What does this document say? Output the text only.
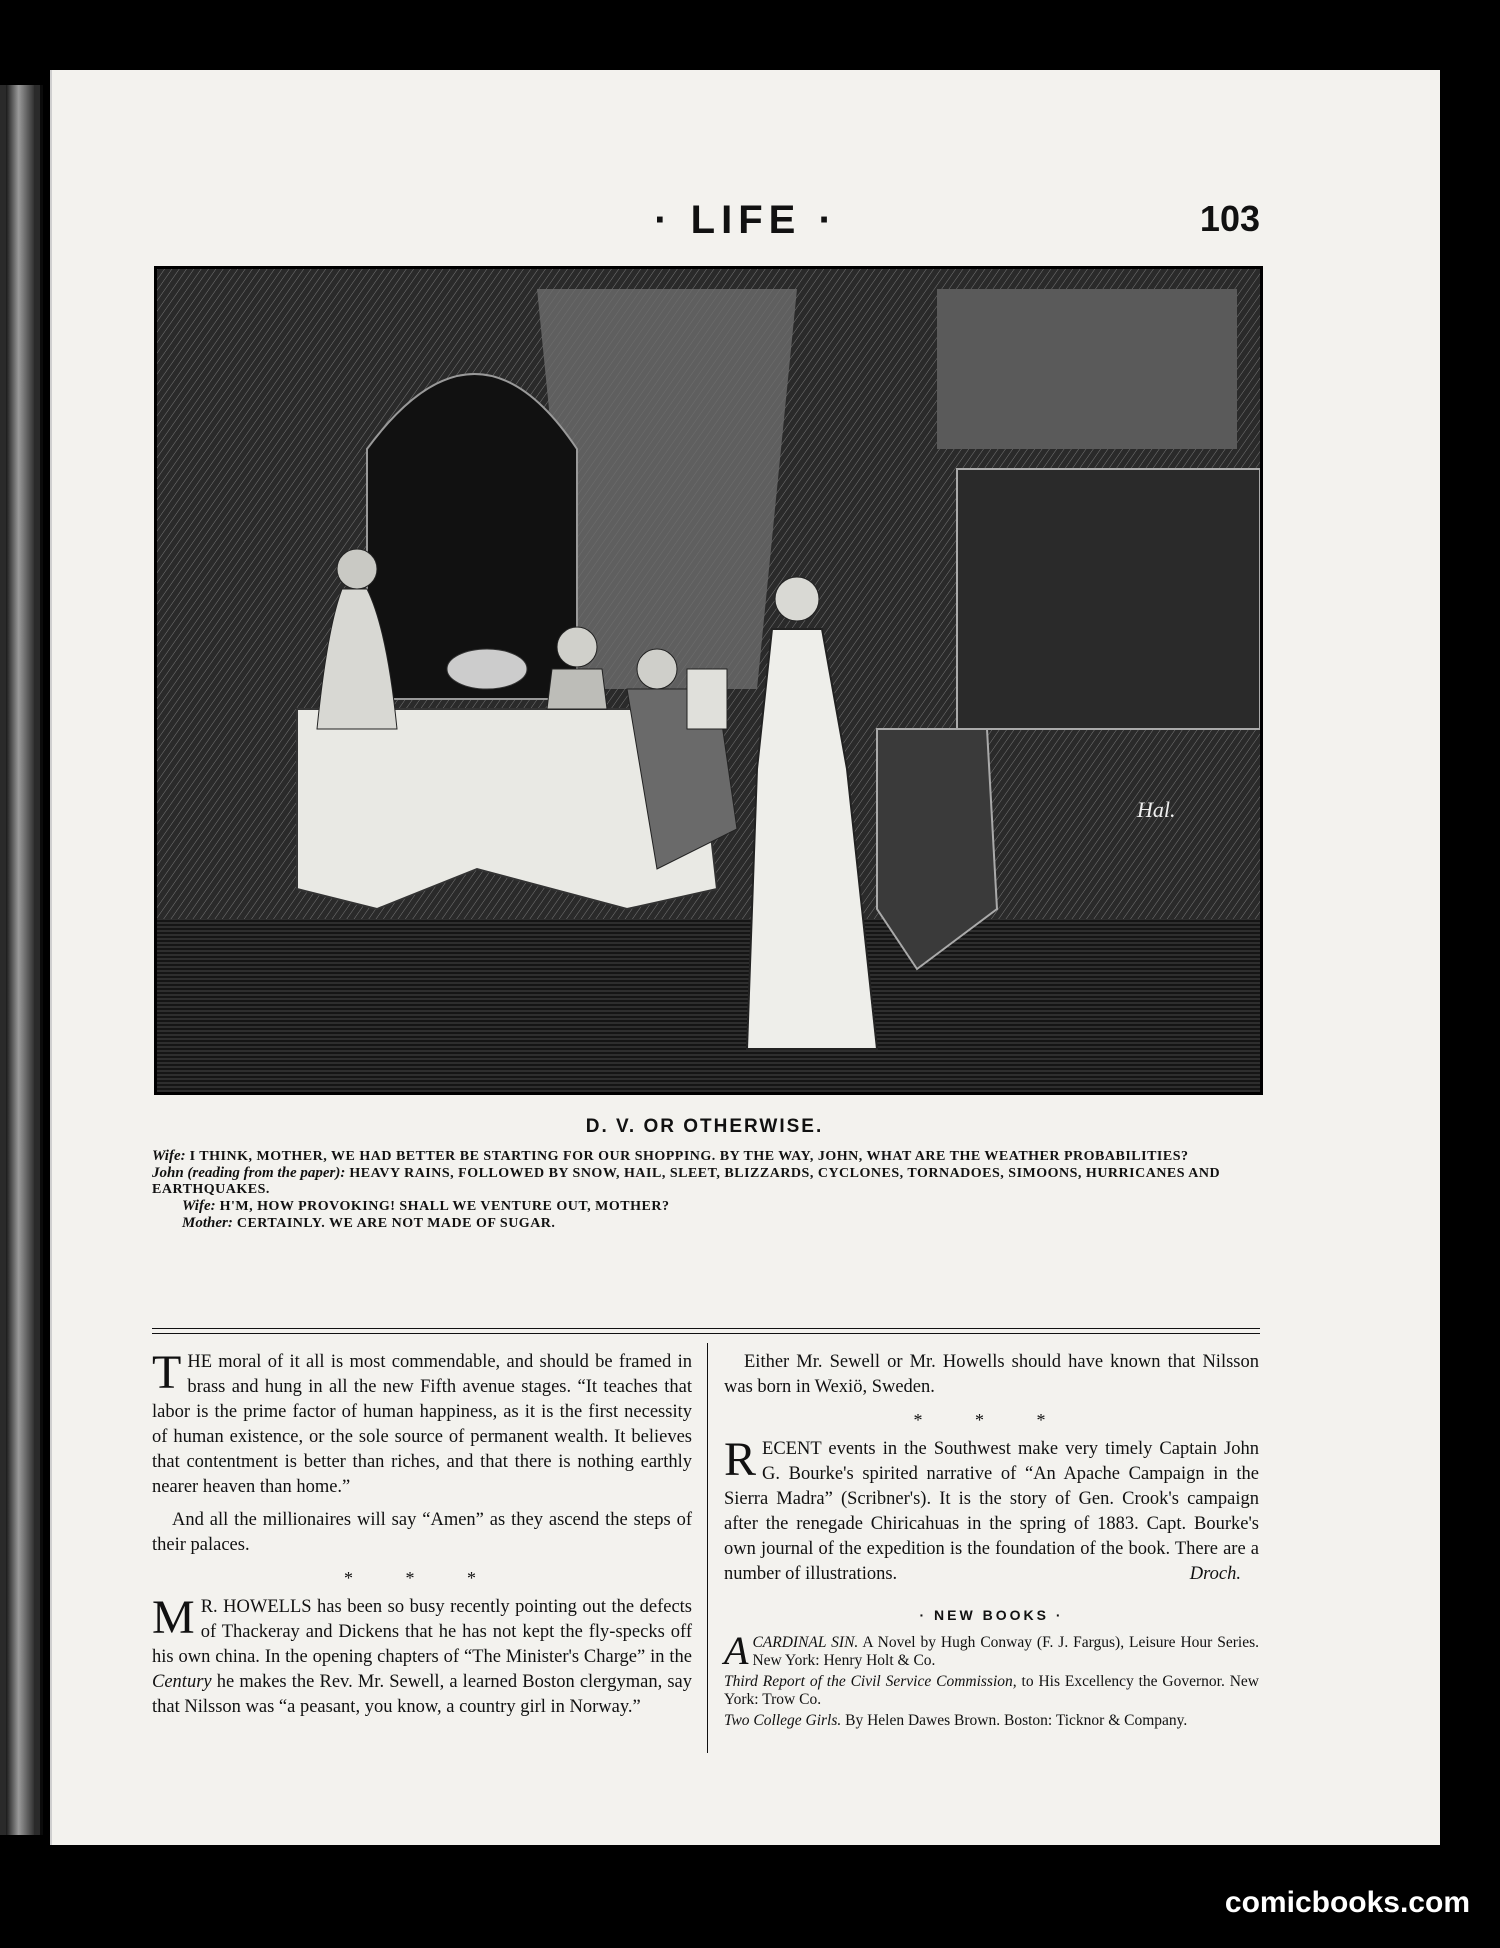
· LIFE ·	103
Hal.
D. V. OR OTHERWISE.

Wife: I THINK, MOTHER, WE HAD BETTER BE STARTING FOR OUR SHOPPING. BY THE WAY, JOHN, WHAT ARE THE WEATHER PROBABILITIES?

John (reading from the paper): HEAVY RAINS, FOLLOWED BY SNOW, HAIL, SLEET, BLIZZARDS, CYCLONES, TORNADOES, SIMOONS, HURRICANES AND EARTHQUAKES.

Wife: H'M, HOW PROVOKING! SHALL WE VENTURE OUT, MOTHER?

Mother: CERTAINLY. WE ARE NOT MADE OF SUGAR.

THE moral of it all is most commendable, and should be framed in brass and hung in all the new Fifth avenue stages. “It teaches that labor is the prime factor of human happiness, as it is the first necessity of human existence, or the sole source of permanent wealth. It believes that contentment is better than riches, and that there is nothing earthly nearer heaven than home.”

And all the millionaires will say “Amen” as they ascend the steps of their palaces.

* * *

M R. HOWELLS has been so busy recently pointing out the defects of Thackeray and Dickens that he has not kept the fly-specks off his own china. In the opening chapters of “The Minister's Charge” in the Century he makes the Rev. Mr. Sewell, a learned Boston clergyman, say that Nilsson was “a peasant, you know, a country girl in Norway.”

Either Mr. Sewell or Mr. Howells should have known that Nilsson was born in Wexiö, Sweden.

* * *

RECENT events in the Southwest make very timely Captain John G. Bourke's spirited narrative of “An Apache Campaign in the Sierra Madra” (Scribner's). It is the story of Gen. Crook's campaign after the renegade Chiricahuas in the spring of 1883. Capt. Bourke's own journal of the expedition is the foundation of the book. There are a number of illustrations.	Droch.

· NEW BOOKS ·

A CARDINAL SIN. A Novel by Hugh Conway (F. J. Fargus), Leisure Hour Series. New York: Henry Holt & Co.

Third Report of the Civil Service Commission, to His Excellency the Governor. New York: Trow Co.

Two College Girls. By Helen Dawes Brown. Boston: Ticknor & Company.

comicbooks.com
